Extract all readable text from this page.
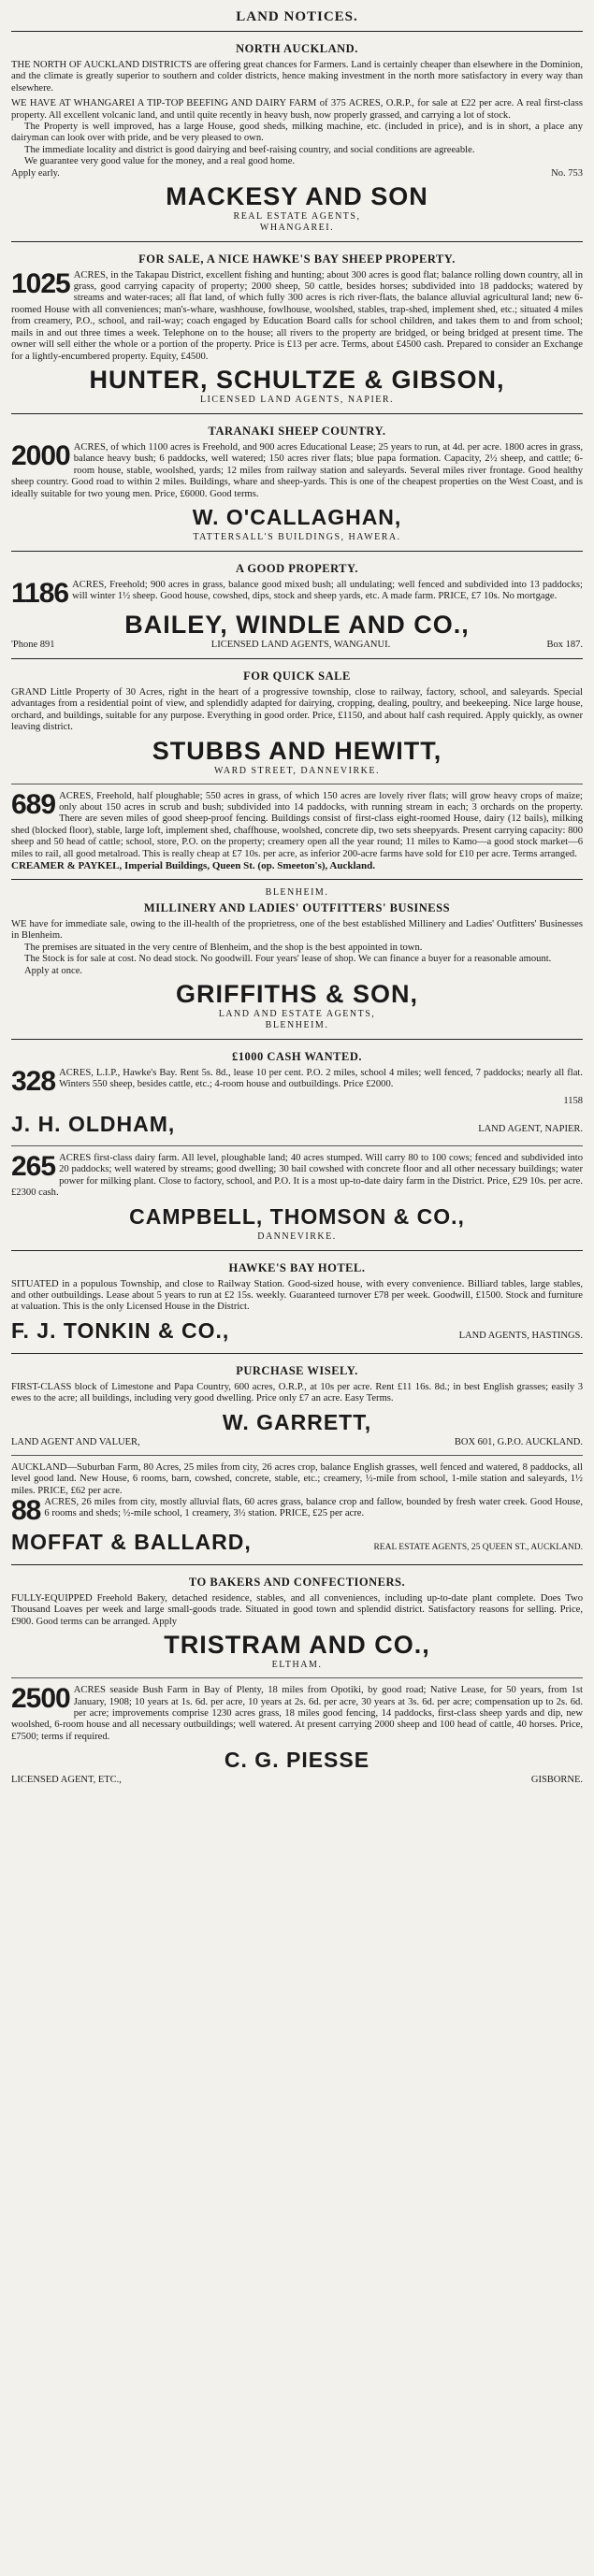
LAND NOTICES.
NORTH AUCKLAND.

THE NORTH OF AUCKLAND DISTRICTS are offering great chances for Farmers. Land is certainly cheaper than elsewhere in the Dominion, and the climate is greatly superior to southern and colder districts, hence making investment in the north more satisfactory in every way than elsewhere.

WE HAVE AT WHANGAREI A TIP-TOP BEEFING AND DAIRY FARM of 375 ACRES, O.R.P., for sale at £22 per acre. A real first-class property. All excellent volcanic land, and until quite recently in heavy bush, now properly grassed, and carrying a lot of stock.

The Property is well improved, has a large House, good sheds, milking machine, etc. (included in price), and is in short, a place any dairyman can look over with pride, and be very pleased to own.

The immediate locality and district is good dairying and beef-raising country, and social conditions are agreeable.

We guarantee very good value for the money, and a real good home.

Apply early.	No. 753
MACKESY AND SON
REAL ESTATE AGENTS,
WHANGAREI.
FOR SALE, A NICE HAWKE'S BAY SHEEP PROPERTY.

1025 ACRES, in the Takapau District, excellent fishing and hunting; about 300 acres is good flat; balance rolling down country, all in grass, good carrying capacity of property; 2000 sheep, 50 cattle, besides horses; subdivided into 18 paddocks; watered by streams and water-races; all flat land, of which fully 300 acres is rich river-flats, the balance alluvial agricultural land; new 6-roomed House with all conveniences; man's-whare, washhouse, fowlhouse, woolshed, stables, trap-shed, implement shed, etc.; situated 4 miles from creamery, P.O., school, and rail-way; coach engaged by Education Board calls for school children, and takes them to and from school; mails in and out three times a week. Telephone on to the house; all rivers to the property are bridged, or being bridged at present time. The owner will sell either the whole or a portion of the property. Price is £13 per acre. Terms, about £4500 cash. Prepared to consider an Exchange for a lightly-encumbered property. Equity, £4500.

HUNTER, SCHULTZE & GIBSON,
LICENSED LAND AGENTS, NAPIER.
TARANAKI SHEEP COUNTRY.

2000 ACRES, of which 1100 acres is Freehold, and 900 acres Educational Lease; 25 years to run, at 4d. per acre. 1800 acres in grass, balance heavy bush; 6 paddocks, well watered; 150 acres river flats; blue papa formation. Capacity, 2½ sheep, and cattle; 6-room house, stable, woolshed, yards; 12 miles from railway station and saleyards. Several miles river frontage. Good healthy sheep country. Good road to within 2 miles. Buildings, whare and sheep-yards. This is one of the cheapest properties on the West Coast, and is ideally suitable for two young men. Price, £6000. Good terms.

W. O'CALLAGHAN,
TATTERSALL'S BUILDINGS, HAWERA.
A GOOD PROPERTY.

1186 ACRES, Freehold; 900 acres in grass, balance good mixed bush; all undulating; well fenced and subdivided into 13 paddocks; will winter 1½ sheep. Good house, cowshed, dips, stock and sheep yards, etc. A made farm. PRICE, £7 10s. No mortgage.

BAILEY, WINDLE AND CO.,
'Phone 891	LICENSED LAND AGENTS, WANGANUI.	Box 187.
FOR QUICK SALE

GRAND Little Property of 30 Acres, right in the heart of a progressive township, close to railway, factory, school, and saleyards. Special advantages from a residential point of view, and splendidly adapted for dairying, cropping, dealing, poultry, and beekeeping. Nice large house, orchard, and buildings, suitable for any purpose. Everything in good order. Price, £1150, and about half cash required. Apply quickly, as owner leaving district.

STUBBS AND HEWITT,
WARD STREET, DANNEVIRKE.

689 ACRES, Freehold, half ploughable; 550 acres in grass, of which 150 acres are lovely river flats; will grow heavy crops of maize; only about 150 acres in scrub and bush; subdivided into 14 paddocks, with running stream in each; 3 orchards on the property. There are seven miles of good sheep-proof fencing. Buildings consist of first-class eight-roomed House, dairy (12 bails), milking shed (blocked floor), stable, large loft, implement shed, chaffhouse, woolshed, concrete dip, two sets sheepyards. Present carrying capacity: 800 sheep and 50 head of cattle; school, store, P.O. on the property; creamery open all the year round; 11 miles to Kamo—a good stock market—6 miles to rail, all good metalroad. This is really cheap at £7 10s. per acre, as inferior 200-acre farms have sold for £10 per acre. Terms arranged.

CREAMER & PAYKEL, Imperial Buildings, Queen St. (op. Smeeton's), Auckland.
BLENHEIM.
MILLINERY AND LADIES' OUTFITTERS' BUSINESS

WE have for immediate sale, owing to the ill-health of the proprietress, one of the best established Millinery and Ladies' Outfitters' Businesses in Blenheim.

The premises are situated in the very centre of Blenheim, and the shop is the best appointed in town.

The Stock is for sale at cost. No dead stock. No goodwill. Four years' lease of shop. We can finance a buyer for a reasonable amount.

Apply at once.

GRIFFITHS & SON,
LAND AND ESTATE AGENTS,
BLENHEIM.
£1000 CASH WANTED.

328 ACRES, L.I.P., Hawke's Bay. Rent 5s. 8d., lease 10 per cent. P.O. 2 miles, school 4 miles; well fenced, 7 paddocks; nearly all flat. Winters 550 sheep, besides cattle, etc.; 4-room house and outbuildings. Price £2000.

1158
J. H. OLDHAM,	LAND AGENT, NAPIER.

265 ACRES first-class dairy farm. All level, ploughable land; 40 acres stumped. Will carry 80 to 100 cows; fenced and subdivided into 20 paddocks; well watered by streams; good dwelling; 30 bail cowshed with concrete floor and all other necessary buildings; water power for milking plant. Close to factory, school, and P.O. It is a most up-to-date dairy farm in the District. Price, £29 10s. per acre. £2300 cash.

CAMPBELL, THOMSON & CO.,
DANNEVIRKE.
HAWKE'S BAY HOTEL.

SITUATED in a populous Township, and close to Railway Station. Good-sized house, with every convenience. Billiard tables, large stables, and other outbuildings. Lease about 5 years to run at £2 15s. weekly. Guaranteed turnover £78 per week. Goodwill, £1500. Stock and furniture at valuation. This is the only Licensed House in the District.

F. J. TONKIN & CO.,	LAND AGENTS, HASTINGS.
PURCHASE WISELY.

FIRST-CLASS block of Limestone and Papa Country, 600 acres, O.R.P., at 10s per acre. Rent £11 16s. 8d.; in best English grasses; easily 3 ewes to the acre; all buildings, including very good dwelling. Price only £7 an acre. Easy Terms.

W. GARRETT,
LAND AGENT AND VALUER,	BOX 601, G.P.O. AUCKLAND.

AUCKLAND—Suburban Farm, 80 Acres, 25 miles from city, 26 acres crop, balance English grasses, well fenced and watered, 8 paddocks, all level good land. New House, 6 rooms, barn, cowshed, concrete, stable, etc.; creamery, ½-mile from school, 1-mile station and saleyards, 1½ miles. PRICE, £62 per acre.

88 ACRES, 26 miles from city, mostly alluvial flats, 60 acres grass, balance crop and fallow, bounded by fresh water creek. Good House, 6 rooms and sheds; ½-mile school, 1 creamery, 3½ station. PRICE, £25 per acre.

MOFFAT & BALLARD,	REAL ESTATE AGENTS, 25 QUEEN ST., AUCKLAND.
TO BAKERS AND CONFECTIONERS.

FULLY-EQUIPPED Freehold Bakery, detached residence, stables, and all conveniences, including up-to-date plant complete. Does Two Thousand Loaves per week and large small-goods trade. Situated in good town and splendid district. Satisfactory reasons for selling. Price, £900. Good terms can be arranged. Apply

TRISTRAM AND CO.,
ELTHAM.

2500 ACRES seaside Bush Farm in Bay of Plenty, 18 miles from Opotiki, by good road; Native Lease, for 50 years, from 1st January, 1908; 10 years at 1s. 6d. per acre, 10 years at 2s. 6d. per acre, 30 years at 3s. 6d. per acre; compensation up to 2s. 6d. per acre; improvements comprise 1230 acres grass, 18 miles good fencing, 14 paddocks, first-class sheep yards and dip, new woolshed, 6-room house and all necessary outbuildings; well watered. At present carrying 2000 sheep and 100 head of cattle, 40 horses. Price, £7500; terms if required.

C. G. PIESSE
LICENSED AGENT, ETC.,	GISBORNE.
